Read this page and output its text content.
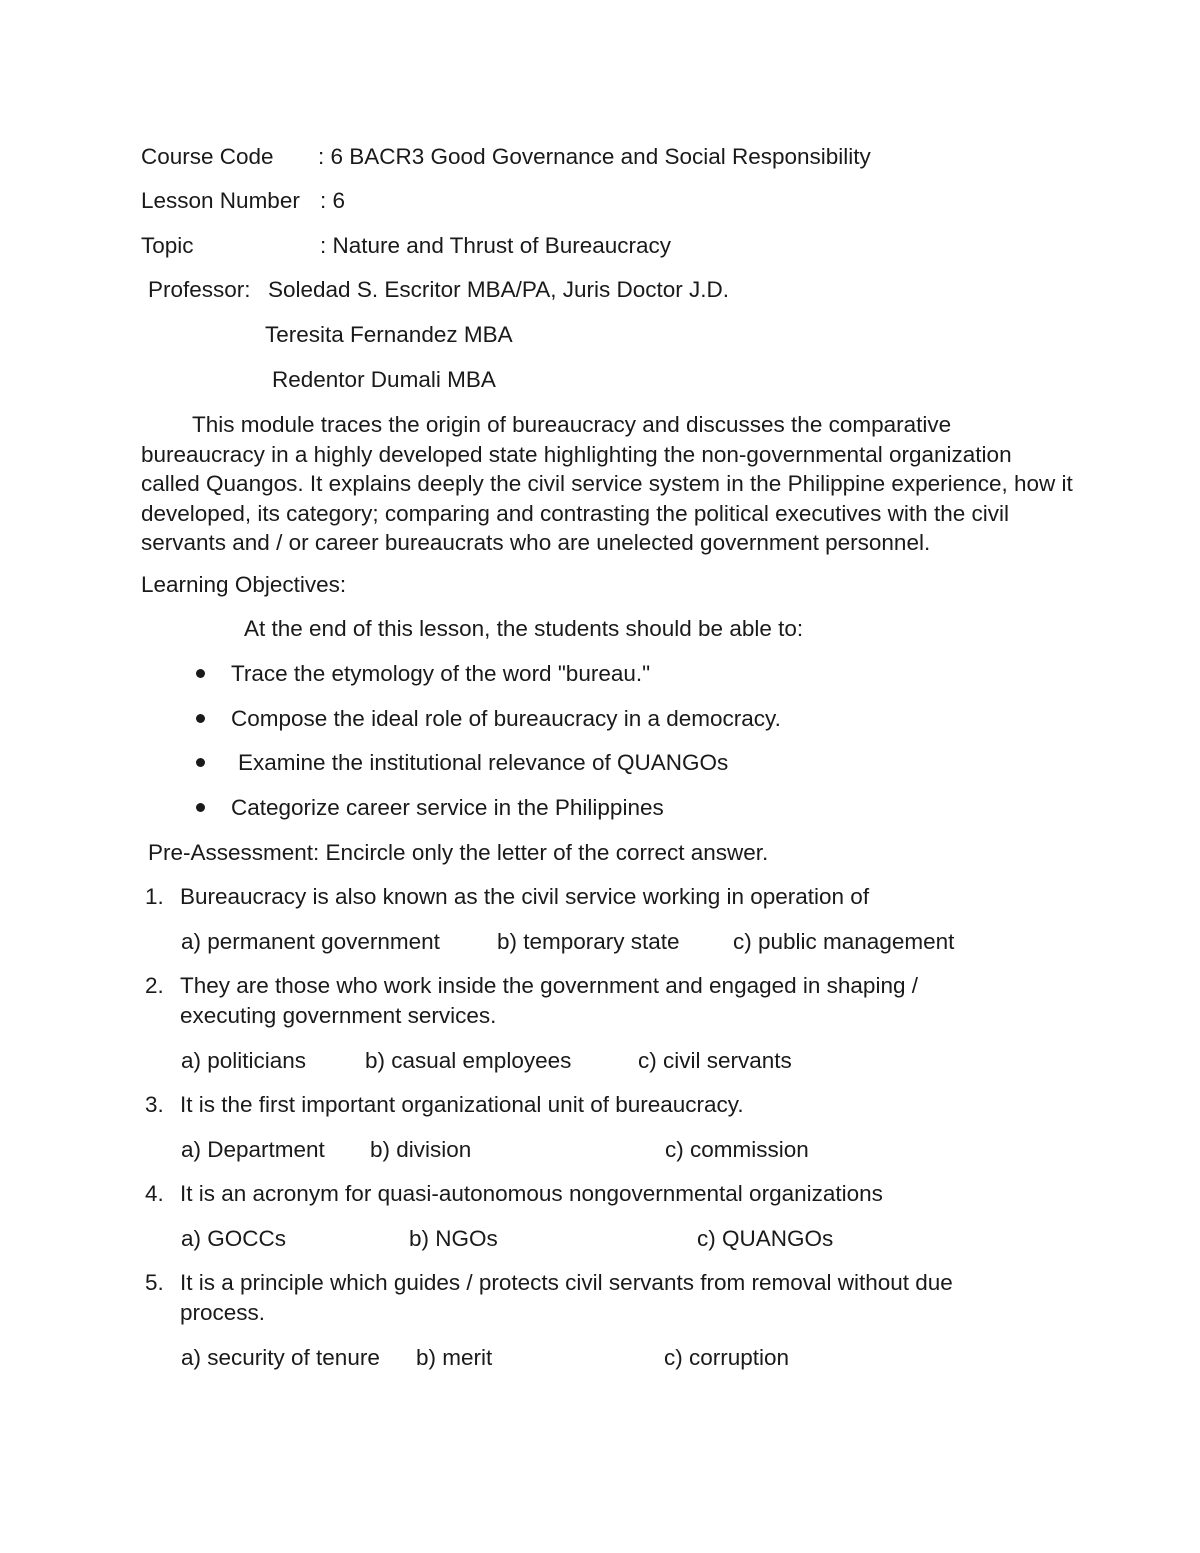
Course Code : 6 BACR3 Good Governance and Social Responsibility
Lesson Number : 6
Topic	: Nature and Thrust of Bureaucracy
Professor: Soledad S. Escritor MBA/PA, Juris Doctor J.D.
Teresita Fernandez MBA
Redentor Dumali MBA
This module traces the origin of bureaucracy and discusses the comparative bureaucracy in a highly developed state highlighting the non-governmental organization called Quangos. It explains deeply the civil service system in the Philippine experience, how it developed, its category; comparing and contrasting the political executives with the civil servants and / or career bureaucrats who are unelected government personnel.
Learning Objectives:
At the end of this lesson, the students should be able to:
Trace the etymology of the word "bureau."
Compose the ideal role of bureaucracy in a democracy.
Examine the institutional relevance of QUANGOs
Categorize career service in the Philippines
Pre-Assessment: Encircle only the letter of the correct answer.
1. Bureaucracy is also known as the civil service working in operation of
a) permanent government	b) temporary state c) public management
2. They are those who work inside the government and engaged in shaping /
executing government services.
a) politicians	b) casual employees	c) civil servants
3. It is the first important organizational unit of bureaucracy.
a) Department b) division	c) commission
4. It is an acronym for quasi-autonomous nongovernmental organizations
a) GOCCs	b) NGOs	c) QUANGOs
5. It is a principle which guides / protects civil servants from removal without due
process.
a) security of tenure b) merit	c) corruption
